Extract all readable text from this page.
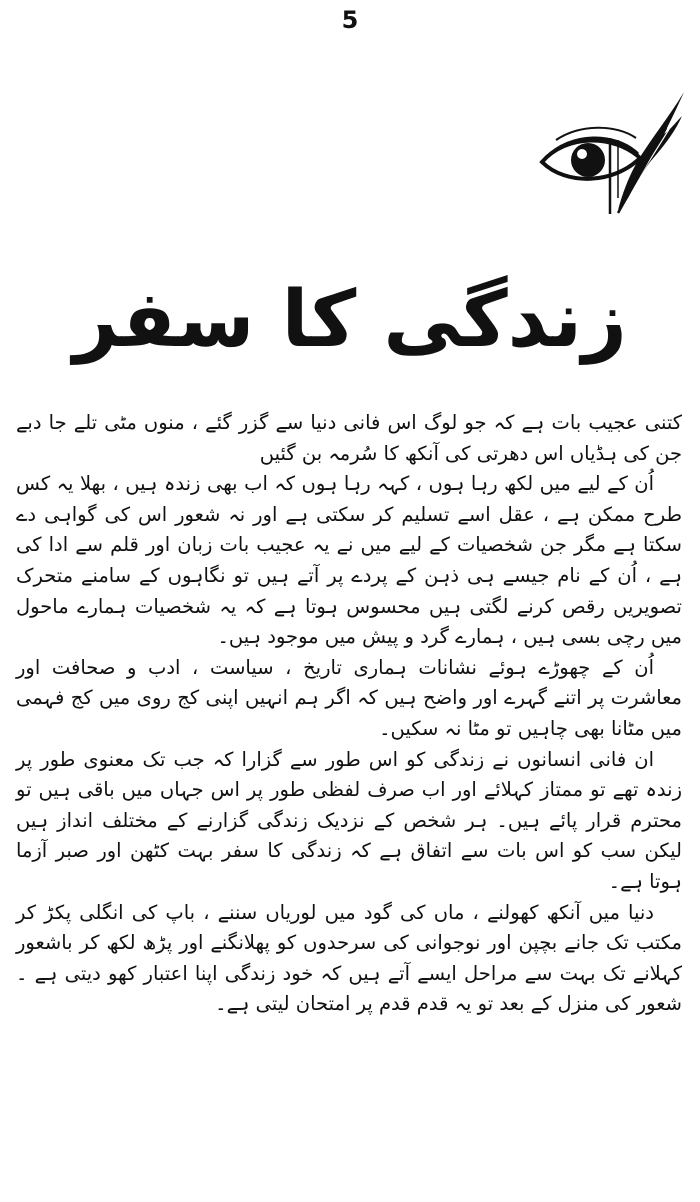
5
زندگی کا سفر

کتنی عجیب بات ہے کہ جو لوگ اس فانی دنیا سے گزر گئے ، منوں مٹی تلے جا دبے جن کی ہڈیاں اس دھرتی کی آنکھ کا سُرمہ بن گئیں

اُن کے لیے میں لکھ رہا ہوں ، کہہ رہا ہوں کہ اب بھی زندہ ہیں ، بھلا یہ کس طرح ممکن ہے ، عقل اسے تسلیم کر سکتی ہے اور نہ شعور اس کی گواہی دے سکتا ہے مگر جن شخصیات کے لیے میں نے یہ عجیب بات زبان اور قلم سے ادا کی ہے ، اُن کے نام جیسے ہی ذہن کے پردے پر آتے ہیں تو نگاہوں کے سامنے متحرک تصویریں رقص کرنے لگتی ہیں محسوس ہوتا ہے کہ یہ شخصیات ہمارے ماحول میں رچی بسی ہیں ، ہمارے گرد و پیش میں موجود ہیں۔

اُن کے چھوڑے ہوئے نشانات ہماری تاریخ ، سیاست ، ادب و صحافت اور معاشرت پر اتنے گہرے اور واضح ہیں کہ اگر ہم انہیں اپنی کج روی میں کج فہمی میں مٹانا بھی چاہیں تو مٹا نہ سکیں۔

ان فانی انسانوں نے زندگی کو اس طور سے گزارا کہ جب تک معنوی طور پر زندہ تھے تو ممتاز کہلائے اور اب صرف لفظی طور پر اس جہاں میں باقی ہیں تو محترم قرار پائے ہیں۔ ہر شخص کے نزدیک زندگی گزارنے کے مختلف انداز ہیں لیکن سب کو اس بات سے اتفاق ہے کہ زندگی کا سفر بہت کٹھن اور صبر آزما ہوتا ہے۔

دنیا میں آنکھ کھولنے ، ماں کی گود میں لوریاں سننے ، باپ کی انگلی پکڑ کر مکتب تک جانے بچپن اور نوجوانی کی سرحدوں کو پھلانگنے اور پڑھ لکھ کر باشعور کہلانے تک بہت سے مراحل ایسے آتے ہیں کہ خود زندگی اپنا اعتبار کھو دیتی ہے ۔ شعور کی منزل کے بعد تو یہ قدم قدم پر امتحان لیتی ہے۔
